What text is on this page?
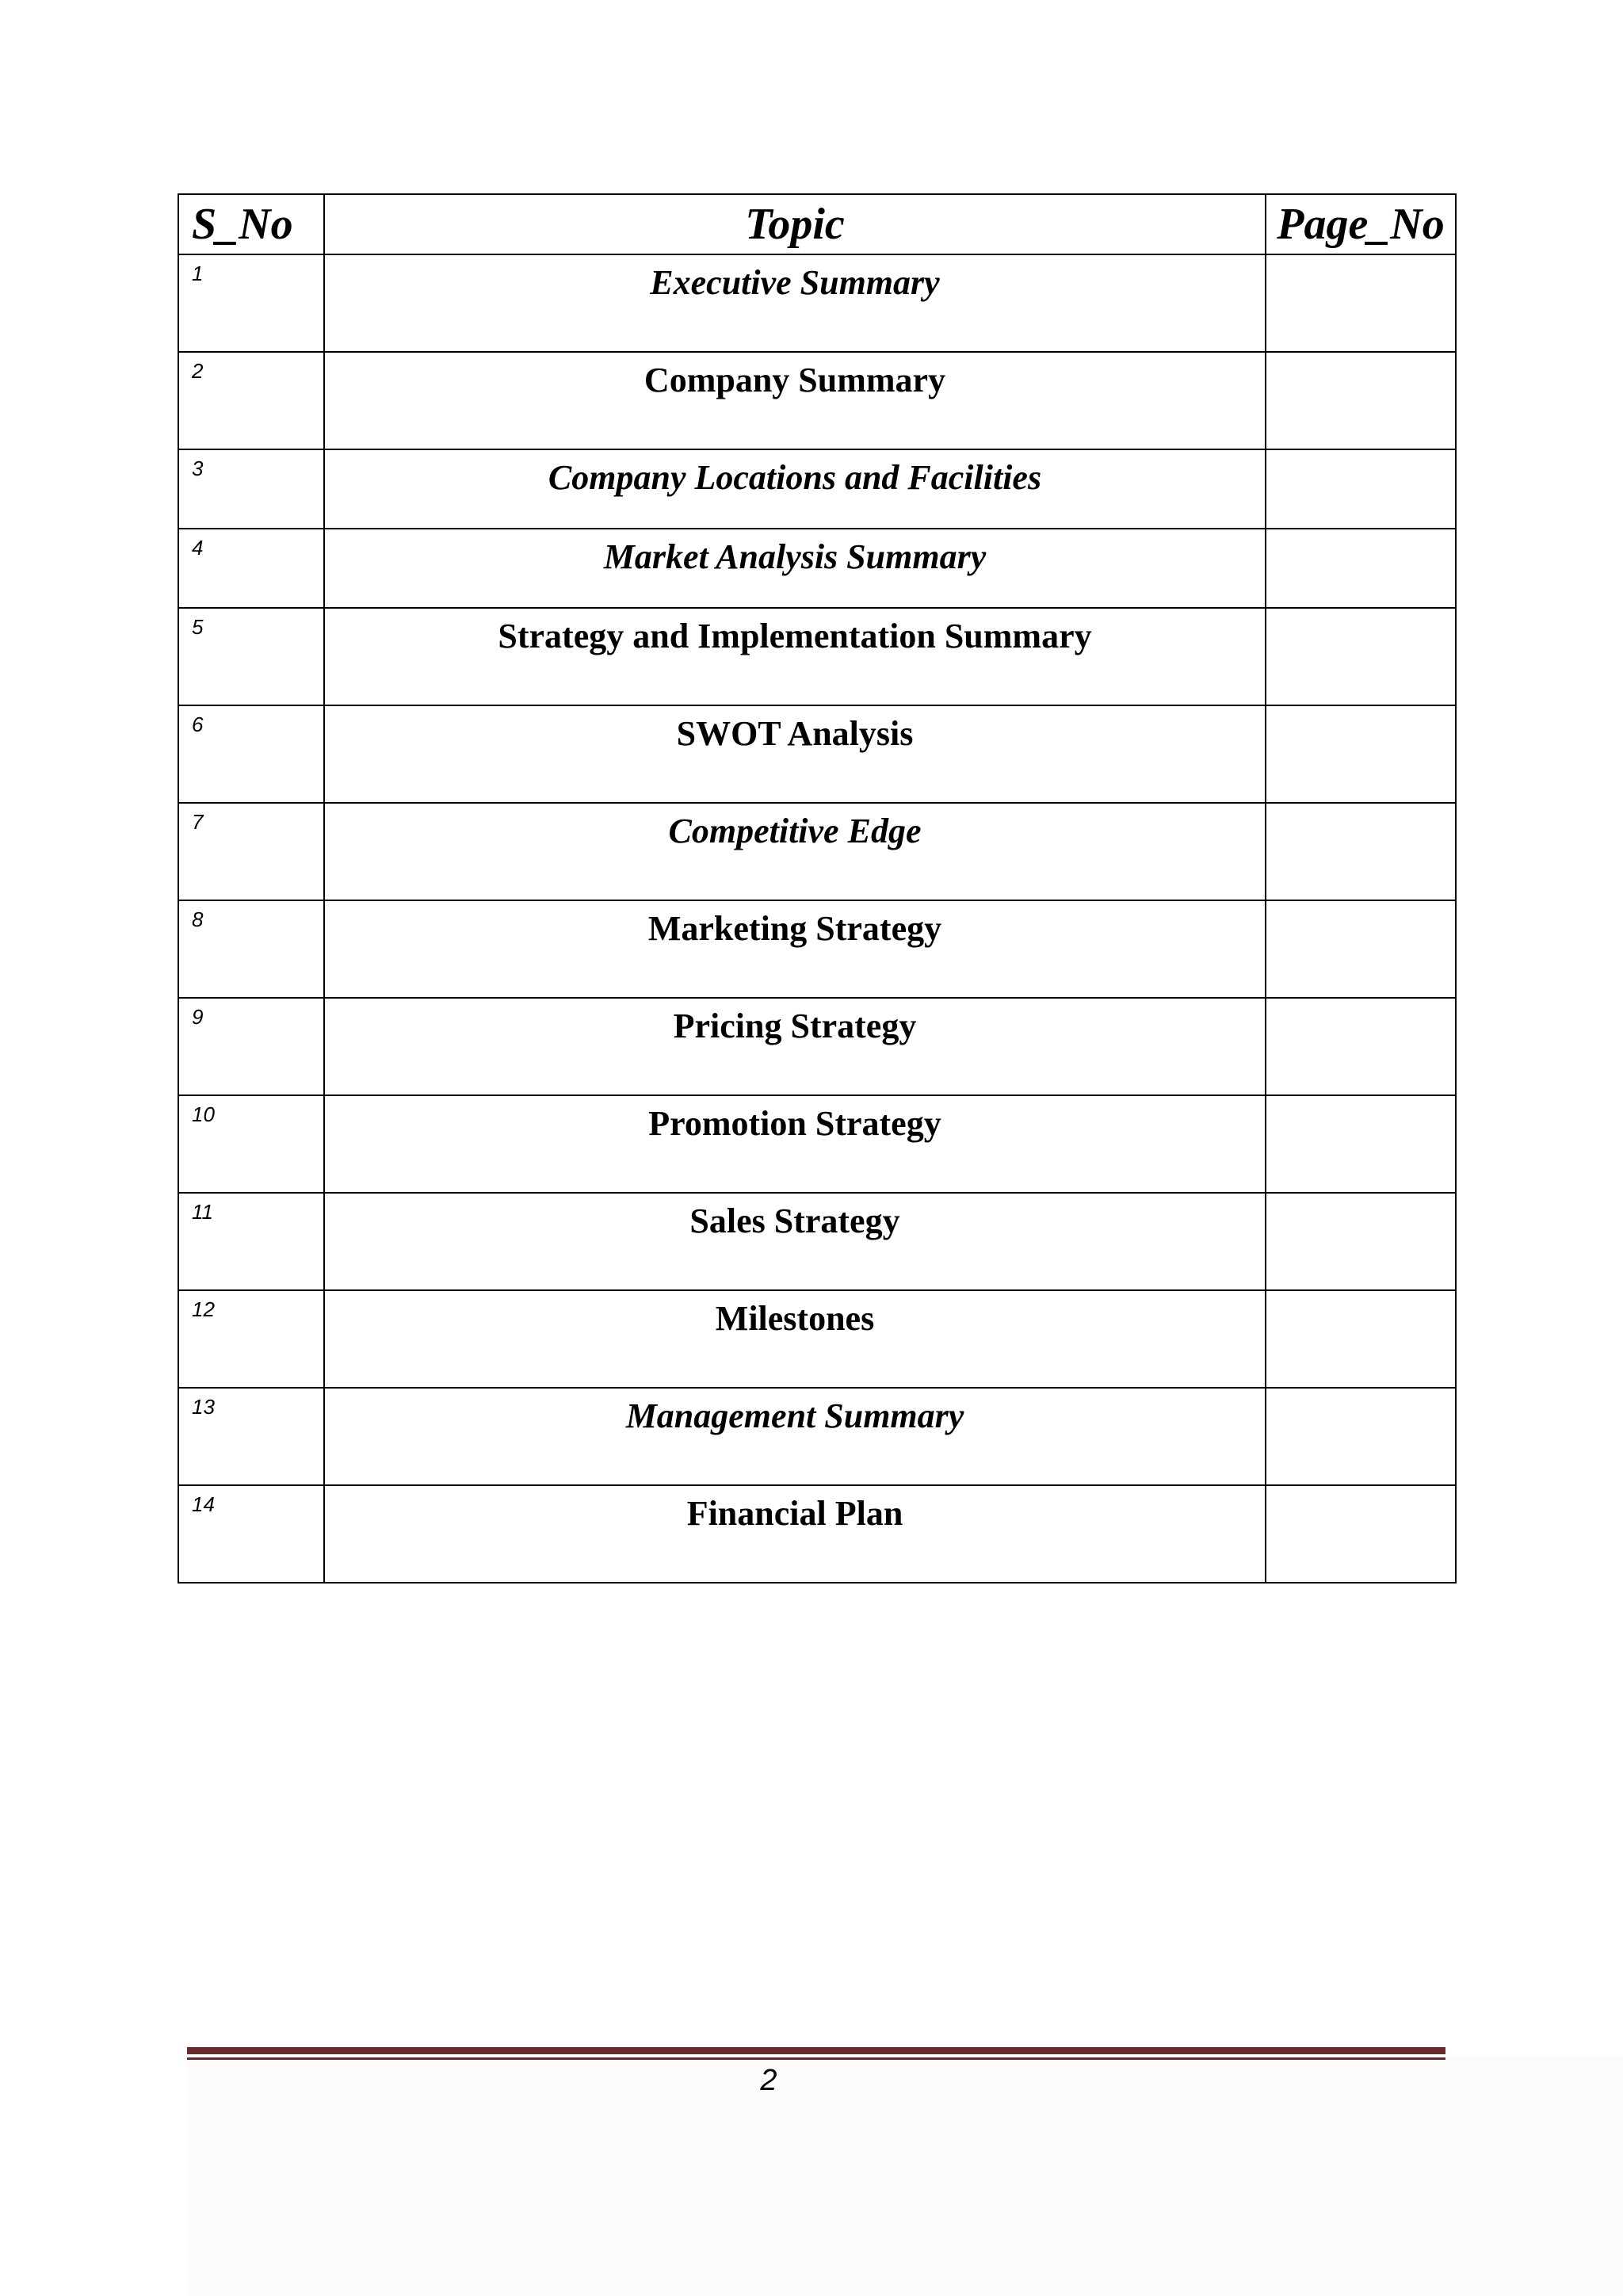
S_No	Topic	Page_No
1	Executive Summary	
2	Company Summary	
3	Company Locations and Facilities	
4	Market Analysis Summary	
5	Strategy and Implementation Summary	
6	SWOT Analysis	
7	Competitive Edge	
8	Marketing Strategy	
9	Pricing Strategy	
10	Promotion Strategy	
11	Sales Strategy	
12	Milestones	
13	Management Summary	
14	Financial Plan	
2
